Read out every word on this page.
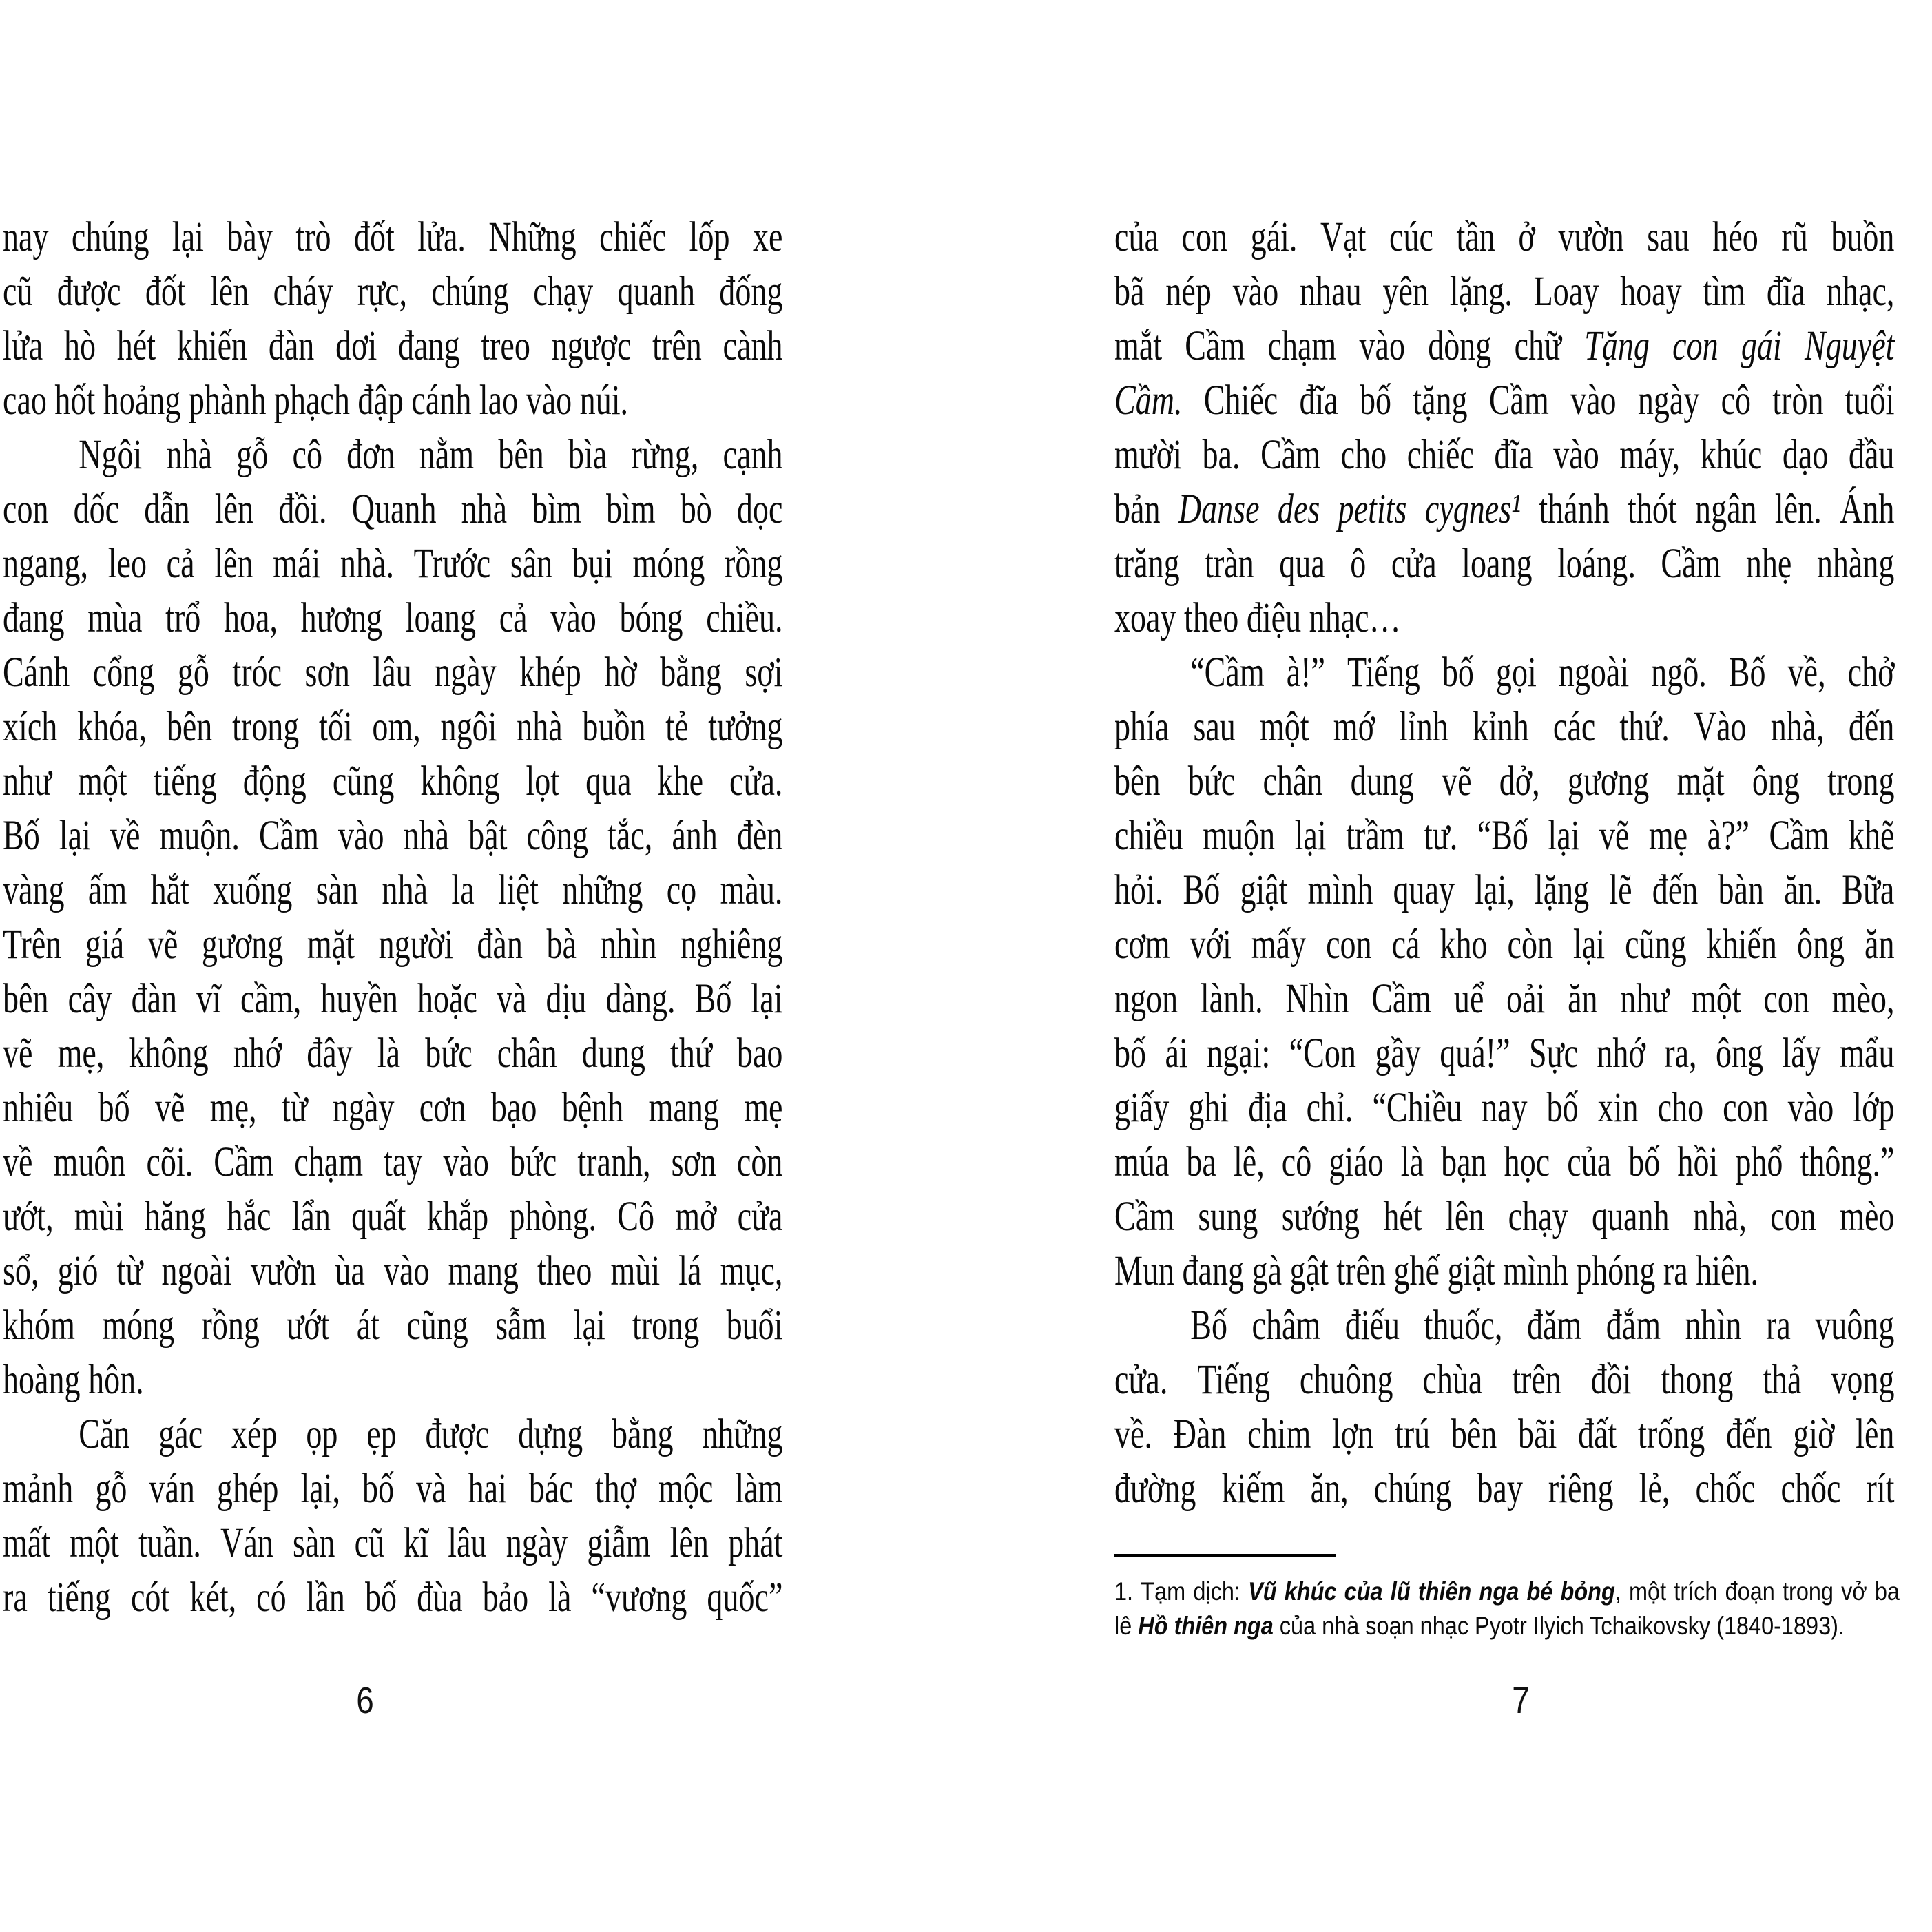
nay chúng lại bày trò đốt lửa. Những chiếc lốp xe
cũ được đốt lên cháy rực, chúng chạy quanh đống
lửa hò hét khiến đàn dơi đang treo ngược trên cành
cao hốt hoảng phành phạch đập cánh lao vào núi.
Ngôi nhà gỗ cô đơn nằm bên bìa rừng, cạnh
con dốc dẫn lên đồi. Quanh nhà bìm bìm bò dọc
ngang, leo cả lên mái nhà. Trước sân bụi móng rồng
đang mùa trổ hoa, hương loang cả vào bóng chiều.
Cánh cổng gỗ tróc sơn lâu ngày khép hờ bằng sợi
xích khóa, bên trong tối om, ngôi nhà buồn tẻ tưởng
như một tiếng động cũng không lọt qua khe cửa.
Bố lại về muộn. Cầm vào nhà bật công tắc, ánh đèn
vàng ấm hắt xuống sàn nhà la liệt những cọ màu.
Trên giá vẽ gương mặt người đàn bà nhìn nghiêng
bên cây đàn vĩ cầm, huyền hoặc và dịu dàng. Bố lại
vẽ mẹ, không nhớ đây là bức chân dung thứ bao
nhiêu bố vẽ mẹ, từ ngày cơn bạo bệnh mang mẹ
về muôn cõi. Cầm chạm tay vào bức tranh, sơn còn
ướt, mùi hăng hắc lẩn quất khắp phòng. Cô mở cửa
sổ, gió từ ngoài vườn ùa vào mang theo mùi lá mục,
khóm móng rồng ướt át cũng sẫm lại trong buổi
hoàng hôn.
Căn gác xép ọp ẹp được dựng bằng những
mảnh gỗ ván ghép lại, bố và hai bác thợ mộc làm
mất một tuần. Ván sàn cũ kĩ lâu ngày giẫm lên phát
ra tiếng cót két, có lần bố đùa bảo là “vương quốc”
của con gái. Vạt cúc tần ở vườn sau héo rũ buồn
bã nép vào nhau yên lặng. Loay hoay tìm đĩa nhạc,
mắt Cầm chạm vào dòng chữ Tặng con gái Nguyệt
Cầm. Chiếc đĩa bố tặng Cầm vào ngày cô tròn tuổi
mười ba. Cầm cho chiếc đĩa vào máy, khúc dạo đầu
bản Danse des petits cygnes¹ thánh thót ngân lên. Ánh
trăng tràn qua ô cửa loang loáng. Cầm nhẹ nhàng
xoay theo điệu nhạc…
“Cầm à!” Tiếng bố gọi ngoài ngõ. Bố về, chở
phía sau một mớ lỉnh kỉnh các thứ. Vào nhà, đến
bên bức chân dung vẽ dở, gương mặt ông trong
chiều muộn lại trầm tư. “Bố lại vẽ mẹ à?” Cầm khẽ
hỏi. Bố giật mình quay lại, lặng lẽ đến bàn ăn. Bữa
cơm với mấy con cá kho còn lại cũng khiến ông ăn
ngon lành. Nhìn Cầm uể oải ăn như một con mèo,
bố ái ngại: “Con gầy quá!” Sực nhớ ra, ông lấy mẩu
giấy ghi địa chỉ. “Chiều nay bố xin cho con vào lớp
múa ba lê, cô giáo là bạn học của bố hồi phổ thông.”
Cầm sung sướng hét lên chạy quanh nhà, con mèo
Mun đang gà gật trên ghế giật mình phóng ra hiên.
Bố châm điếu thuốc, đăm đắm nhìn ra vuông
cửa. Tiếng chuông chùa trên đồi thong thả vọng
về. Đàn chim lợn trú bên bãi đất trống đến giờ lên
đường kiếm ăn, chúng bay riêng lẻ, chốc chốc rít
1. Tạm dịch: Vũ khúc của lũ thiên nga bé bỏng, một trích đoạn trong vở ba
lê Hồ thiên nga của nhà soạn nhạc Pyotr Ilyich Tchaikovsky (1840-1893).
6	7
